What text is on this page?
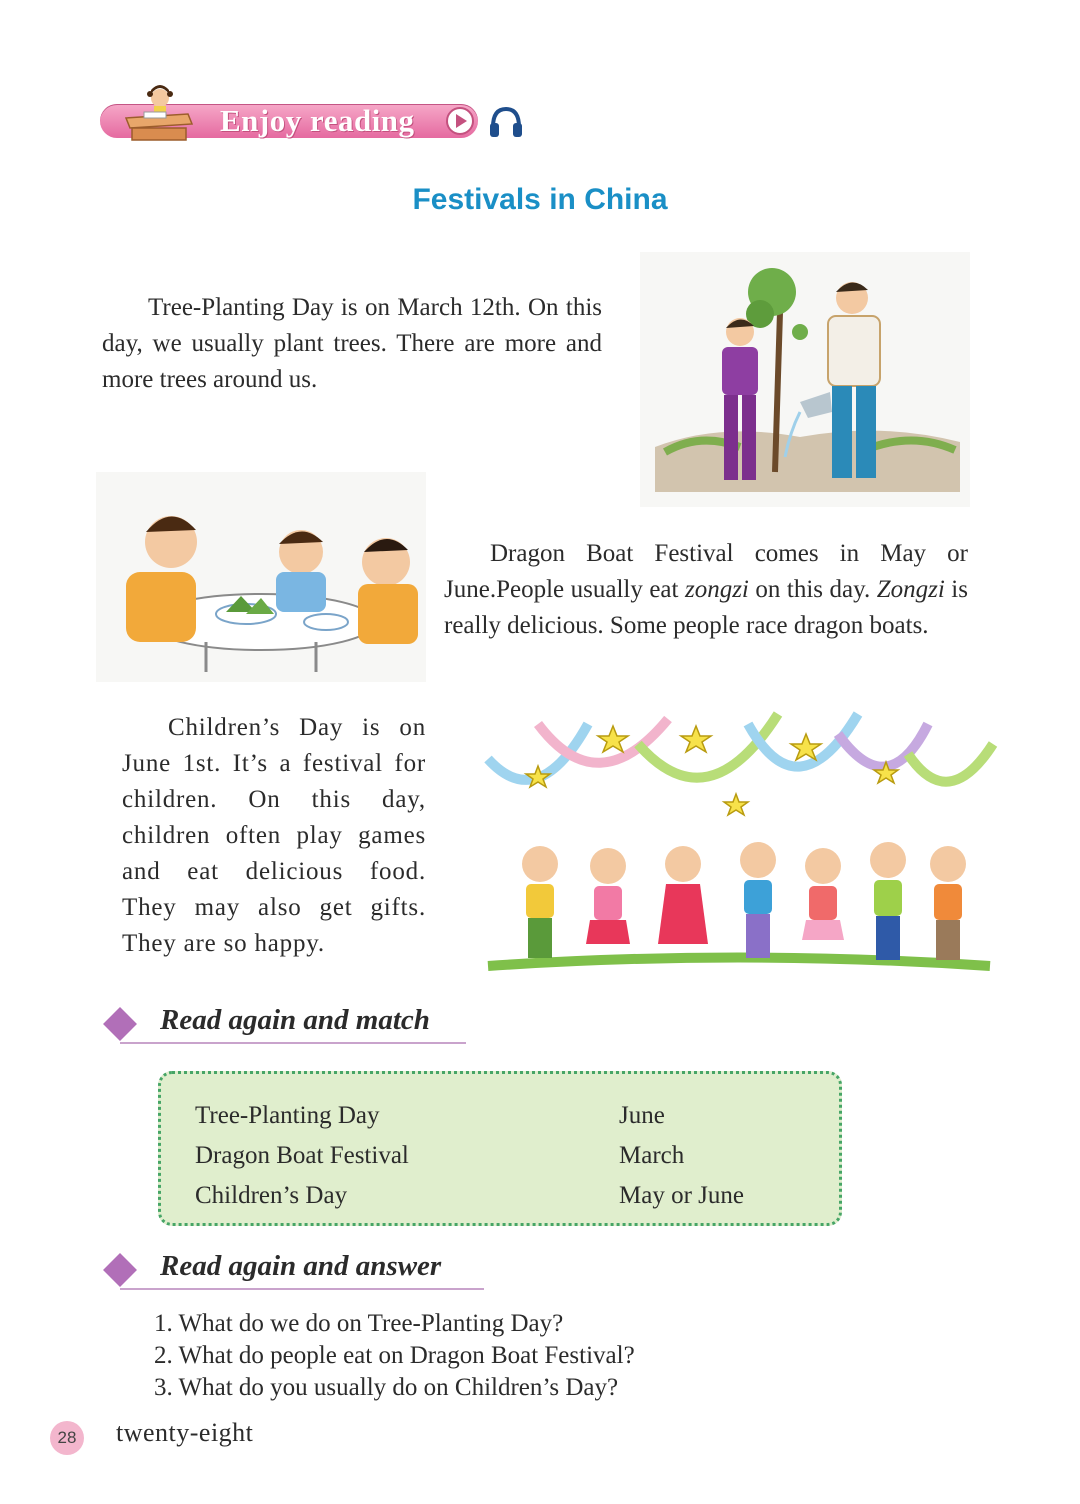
Enjoy reading
Festivals in China
Tree-Planting Day is on March 12th. On this day, we usually plant trees. There are more and more trees around us.
Dragon Boat Festival comes in May or June.People usually eat zongzi on this day. Zongzi is really delicious. Some people race dragon boats.
Children’s Day is on June 1st. It’s a festival for children. On this day, children often play games and eat delicious food. They may also get gifts. They are so happy.
Read again and match
Tree-Planting Day
Dragon Boat Festival
Children’s Day
June
March
May or June
Read again and answer
1. What do we do on Tree-Planting Day?
2. What do people eat on Dragon Boat Festival?
3. What do you usually do on Children’s Day?
28 twenty-eight
